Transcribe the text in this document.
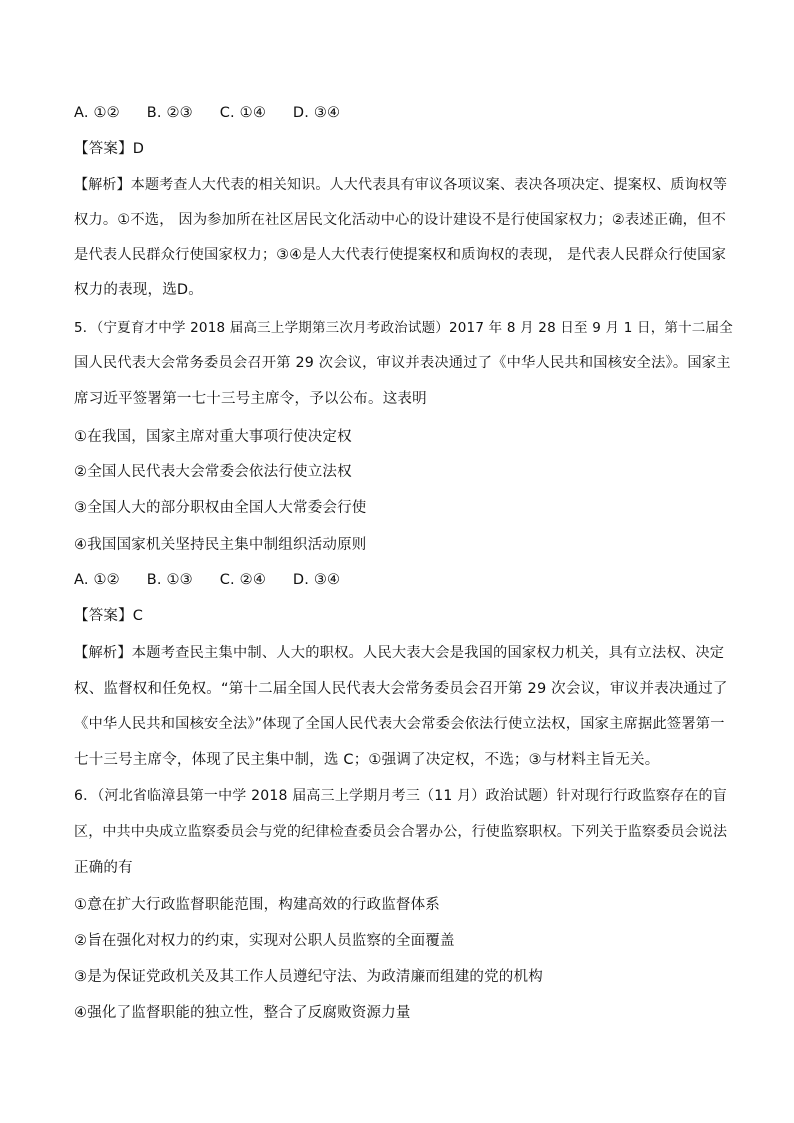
A. ①② B. ②③ C. ①④ D. ③④
【答案】D
【解析】本题考查人大代表的相关知识。人大代表具有审议各项议案、表决各项决定、提案权、质询权等
权力。①不选， 因为参加所在社区居民文化活动中心的设计建设不是行使国家权力；②表述正确，但不
是代表人民群众行使国家权力；③④是人大代表行使提案权和质询权的表现， 是代表人民群众行使国家
权力的表现，选D。
5．（宁夏育才中学 2018 届高三上学期第三次月考政治试题）2017 年 8 月 28 日至 9 月 1 日，第十二届全
国人民代表大会常务委员会召开第 29 次会议，审议并表决通过了《中华人民共和国核安全法》。国家主
席习近平签署第一七十三号主席令，予以公布。这表明
①在我国，国家主席对重大事项行使决定权
②全国人民代表大会常委会依法行使立法权
③全国人大的部分职权由全国人大常委会行使
④我国国家机关坚持民主集中制组织活动原则
A. ①② B. ①③ C. ②④ D. ③④
【答案】C
【解析】本题考查民主集中制、人大的职权。人民大表大会是我国的国家权力机关，具有立法权、决定
权、监督权和任免权。“第十二届全国人民代表大会常务委员会召开第 29 次会议，审议并表决通过了
《中华人民共和国核安全法》”体现了全国人民代表大会常委会依法行使立法权，国家主席据此签署第一
七十三号主席令，体现了民主集中制，选 C；①强调了决定权，不选；③与材料主旨无关。
6．（河北省临漳县第一中学 2018 届高三上学期月考三（11 月）政治试题）针对现行行政监察存在的盲
区，中共中央成立监察委员会与党的纪律检查委员会合署办公，行使监察职权。下列关于监察委员会说法
正确的有
①意在扩大行政监督职能范围，构建高效的行政监督体系
②旨在强化对权力的约束，实现对公职人员监察的全面覆盖
③是为保证党政机关及其工作人员遵纪守法、为政清廉而组建的党的机构
④强化了监督职能的独立性，整合了反腐败资源力量
